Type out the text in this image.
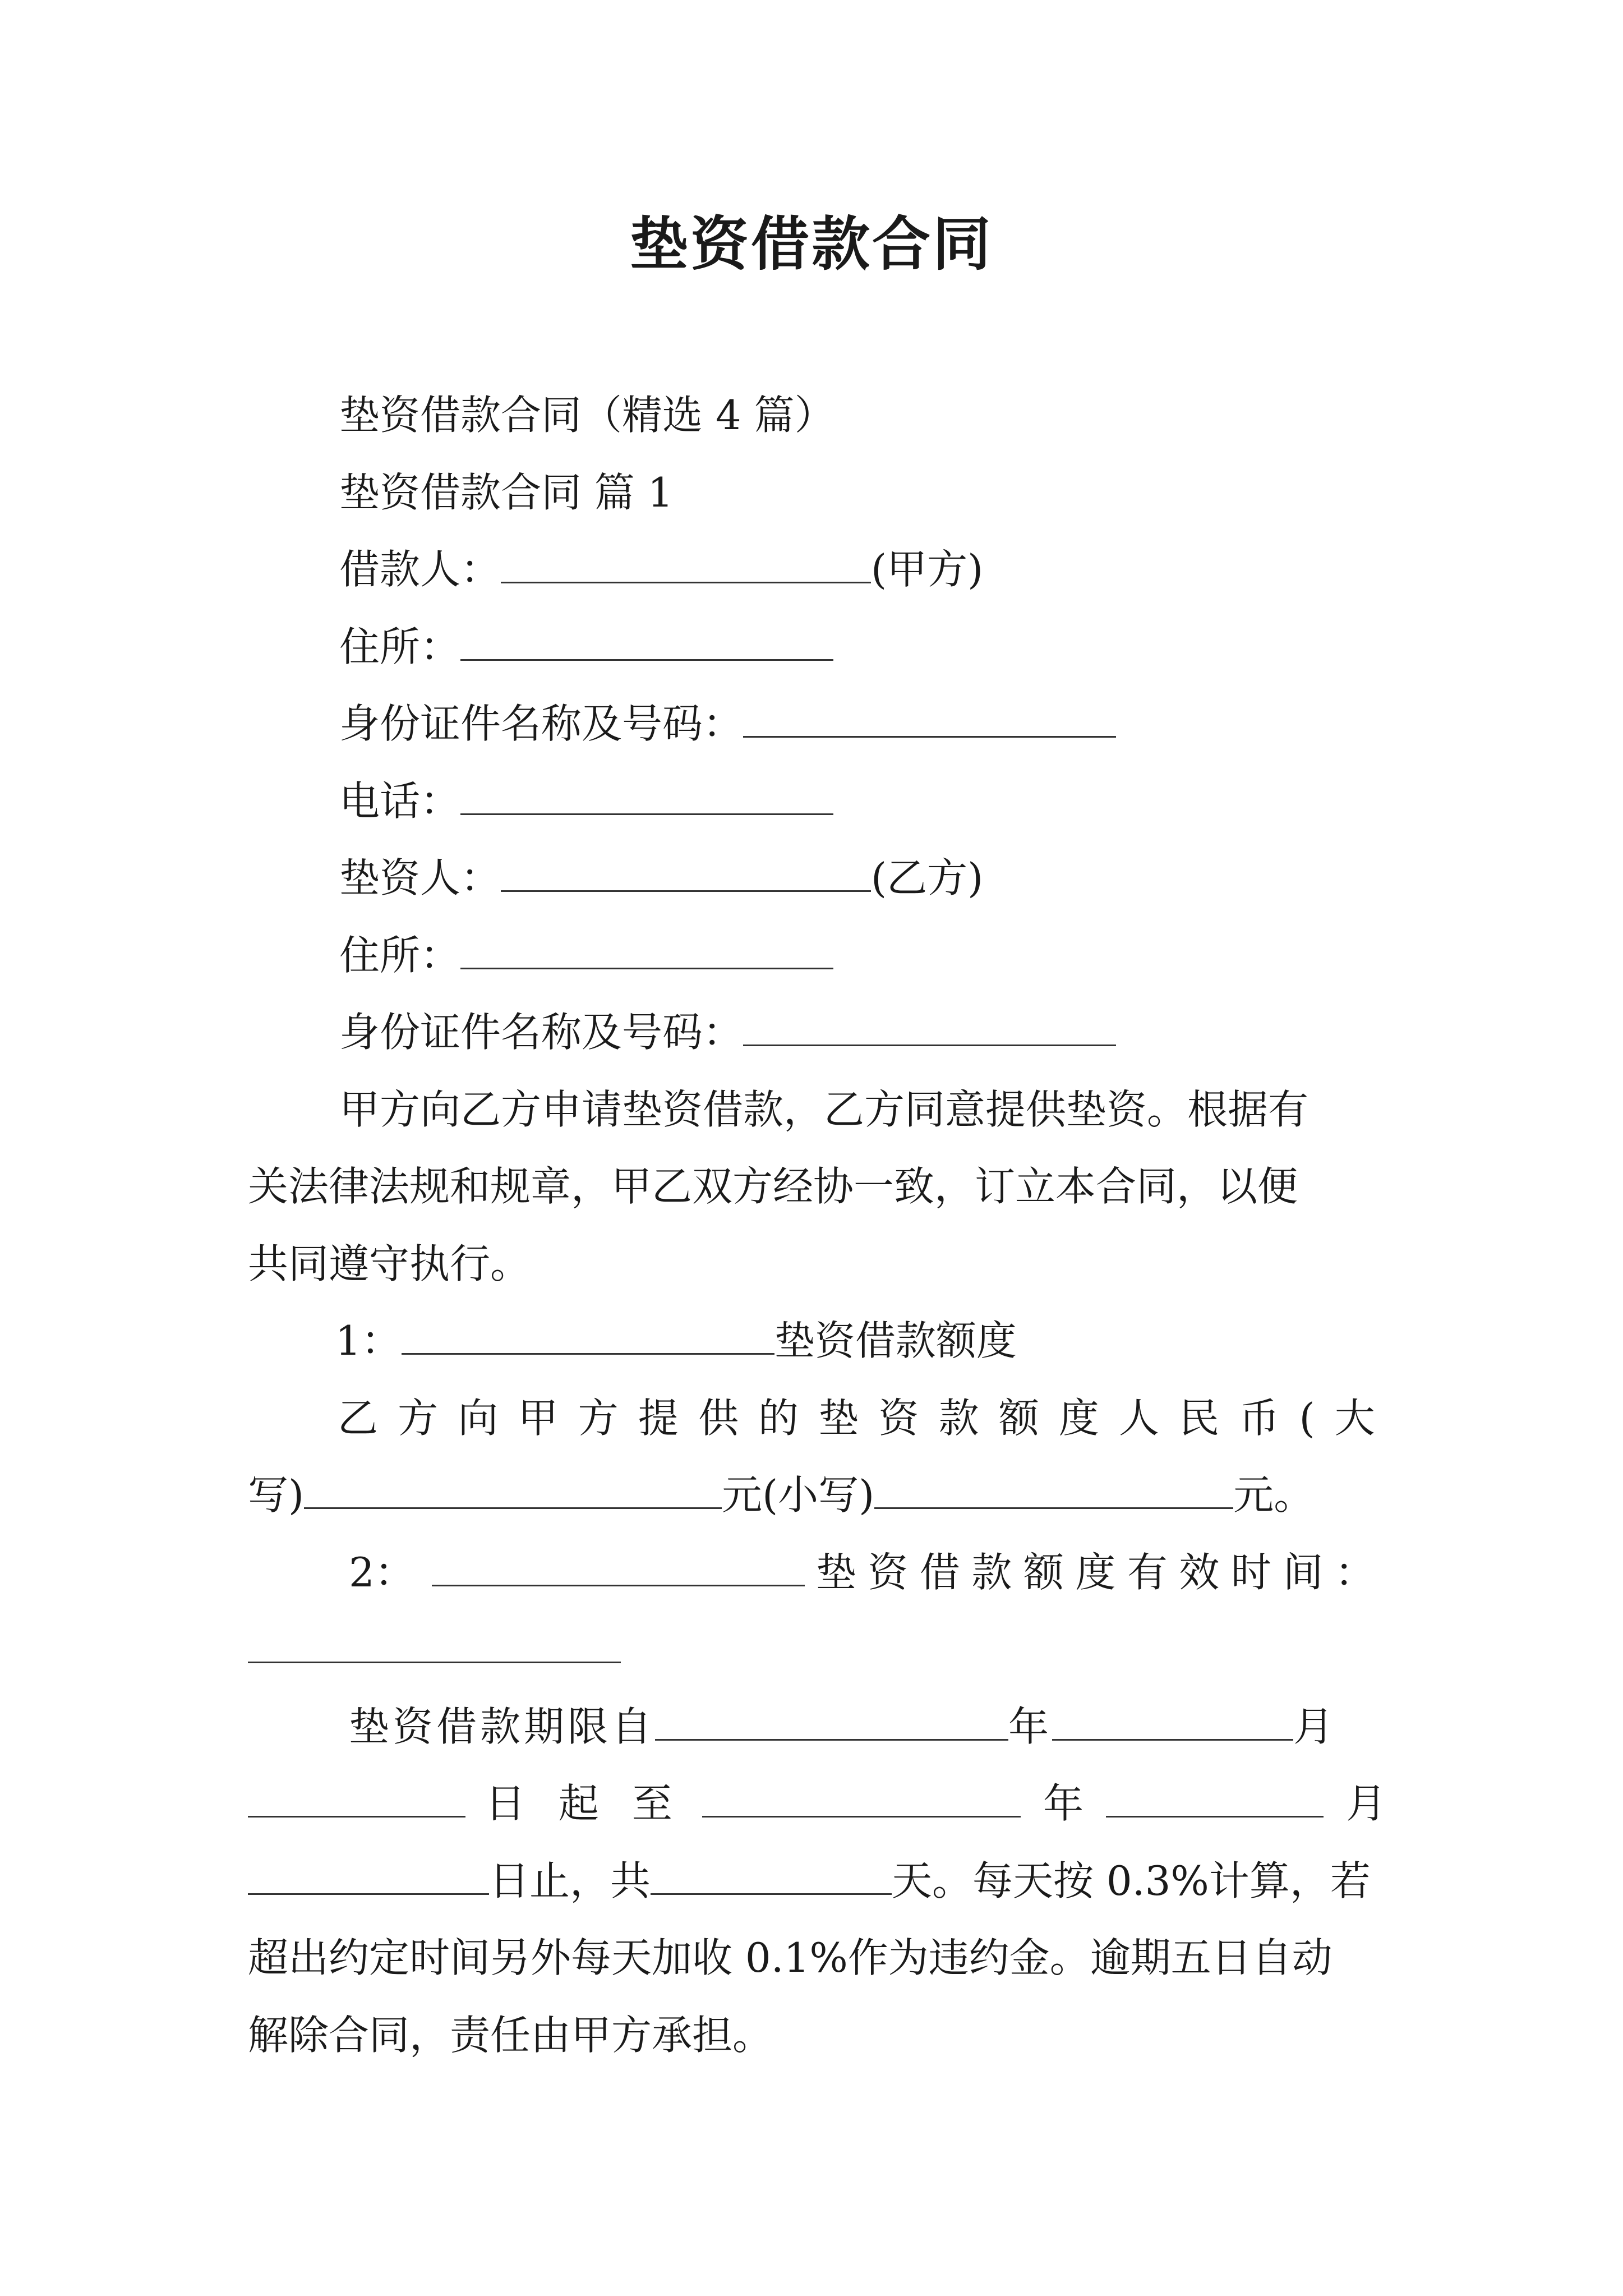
垫资借款合同
垫资借款合同（精选 4 篇）
垫资借款合同 篇 1
借款人：	(甲方)
住所：
身份证件名称及号码：
电话：
垫资人：	(乙方)
住所：
身份证件名称及号码：
甲方向乙方申请垫资借款，乙方同意提供垫资。根据有
关法律法规和规章，甲乙双方经协一致，订立本合同，以便
共同遵守执行。
1：	垫资借款额度
乙 方 向 甲 方 提 供 的 垫 资 款 额 度 人 民 币 ( 大
写)	元(小写)	元。
2：	垫 资 借 款 额 度 有 效 时 间 ：
垫资借款期限自	年	月
日 起 至	年	月
日止，共	天。每天按 0.3%计算，若
超出约定时间另外每天加收 0.1%作为违约金。逾期五日自动
解除合同，责任由甲方承担。
